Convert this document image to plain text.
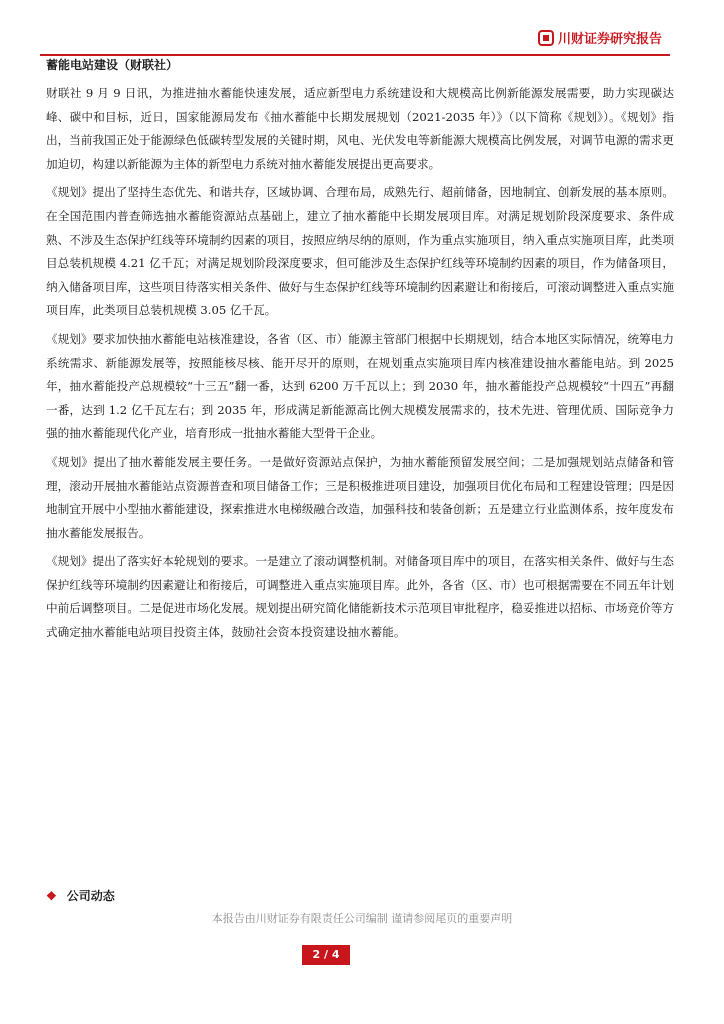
川财证券研究报告
蓄能电站建设（财联社）

财联社 9 月 9 日讯，为推进抽水蓄能快速发展，适应新型电力系统建设和大规模高比例新能源发展需要，助力实现碳达峰、碳中和目标，近日，国家能源局发布《抽水蓄能中长期发展规划（2021-2035 年）》（以下简称《规划》）。《规划》指出，当前我国正处于能源绿色低碳转型发展的关键时期，风电、光伏发电等新能源大规模高比例发展，对调节电源的需求更加迫切，构建以新能源为主体的新型电力系统对抽水蓄能发展提出更高要求。

《规划》提出了坚持生态优先、和谐共存，区域协调、合理布局，成熟先行、超前储备，因地制宜、创新发展的基本原则。在全国范围内普查筛选抽水蓄能资源站点基础上，建立了抽水蓄能中长期发展项目库。对满足规划阶段深度要求、条件成熟、不涉及生态保护红线等环境制约因素的项目，按照应纳尽纳的原则，作为重点实施项目，纳入重点实施项目库，此类项目总装机规模 4.21 亿千瓦；对满足规划阶段深度要求，但可能涉及生态保护红线等环境制约因素的项目，作为储备项目，纳入储备项目库，这些项目待落实相关条件、做好与生态保护红线等环境制约因素避让和衔接后，可滚动调整进入重点实施项目库，此类项目总装机规模 3.05 亿千瓦。

《规划》要求加快抽水蓄能电站核准建设，各省（区、市）能源主管部门根据中长期规划，结合本地区实际情况，统筹电力系统需求、新能源发展等，按照能核尽核、能开尽开的原则，在规划重点实施项目库内核准建设抽水蓄能电站。到 2025 年，抽水蓄能投产总规模较“十三五”翻一番，达到 6200 万千瓦以上；到 2030 年，抽水蓄能投产总规模较“十四五”再翻一番，达到 1.2 亿千瓦左右；到 2035 年，形成满足新能源高比例大规模发展需求的，技术先进、管理优质、国际竞争力强的抽水蓄能现代化产业，培育形成一批抽水蓄能大型骨干企业。

《规划》提出了抽水蓄能发展主要任务。一是做好资源站点保护，为抽水蓄能预留发展空间；二是加强规划站点储备和管理，滚动开展抽水蓄能站点资源普查和项目储备工作；三是积极推进项目建设，加强项目优化布局和工程建设管理；四是因地制宜开展中小型抽水蓄能建设，探索推进水电梯级融合改造，加强科技和装备创新；五是建立行业监测体系，按年度发布抽水蓄能发展报告。

《规划》提出了落实好本轮规划的要求。一是建立了滚动调整机制。对储备项目库中的项目，在落实相关条件、做好与生态保护红线等环境制约因素避让和衔接后，可调整进入重点实施项目库。此外，各省（区、市）也可根据需要在不同五年计划中前后调整项目。二是促进市场化发展。规划提出研究简化储能新技术示范项目审批程序，稳妥推进以招标、市场竞价等方式确定抽水蓄能电站项目投资主体，鼓励社会资本投资建设抽水蓄能。

❖ 公司动态
本报告由川财证券有限责任公司编制 谨请参阅尾页的重要声明
2 / 4
